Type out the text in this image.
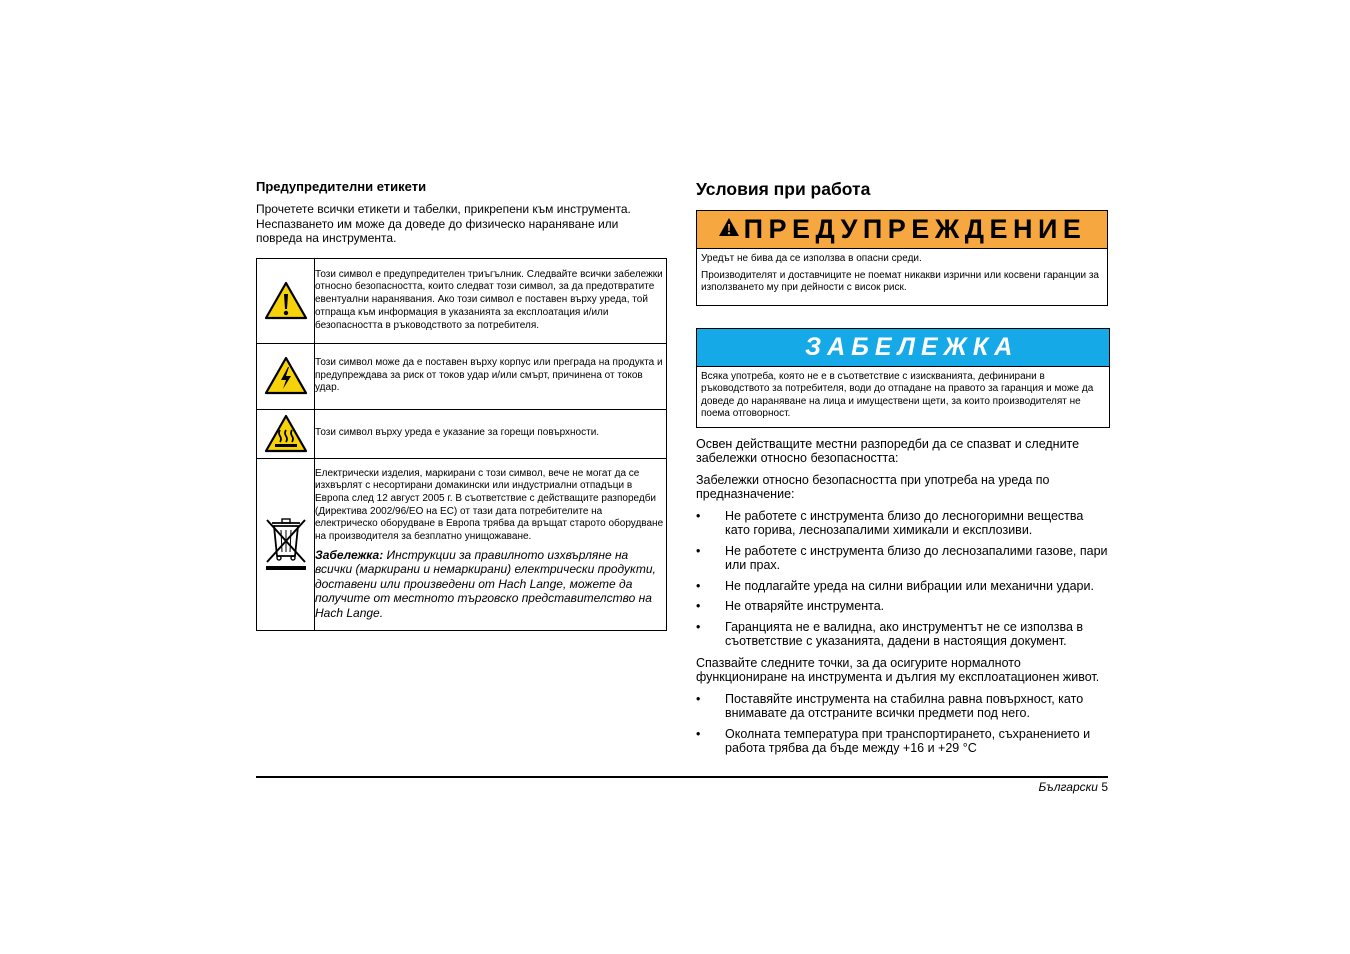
Предупредителни етикети

Прочетете всички етикети и табелки, прикрепени към инструмента. Неспазването им може да доведе до физическо нараняване или повреда на инструмента.

	Този символ е предупредителен триъгълник. Следвайте всички забележки относно безопасността, които следват този символ, за да предотвратите евентуални наранявания. Ако този символ е поставен върху уреда, той отпраща към информация в указанията за експлоатация и/или безопасността в ръководството за потребителя.

	Този символ може да е поставен върху корпус или преграда на продукта и предупреждава за риск от токов удар и/или смърт, причинена от токов удар.

	Този символ върху уреда е указание за горещи повърхности.

Електрически изделия, маркирани с този символ, вече не могат да се изхвърлят с несортирани домакински или индустриални отпадъци в Европа след 12 август 2005 г. В съответствие с действащите разпоредби (Директива 2002/96/EO на ЕС) от тази дата потребителите на електрическо оборудване в Европа трябва да връщат старото оборудване на производителя за безплатно унищожаване.
Забележка: Инструкции за правилното изхвърляне на всички (маркирани и немаркирани) електрически продукти, доставени или произведени от Hach Lange, можете да получите от местното търговско представителство на Hach Lange.
Условия при работа
ПРЕДУПРЕЖДЕНИЕ

Уредът не бива да се използва в опасни среди.

Производителят и доставчиците не поемат никакви изрични или косвени гаранции за използването му при дейности с висок риск.

ЗАБЕЛЕЖКА
Всяка употреба, която не е в съответствие с изискванията, дефинирани в ръководството за потребителя, води до отпадане на правото за гаранция и може да доведе до нараняване на лица и имуществени щети, за които производителят не поема отговорност.

Освен действащите местни разпоредби да се спазват и следните забележки относно безопасността:

Забележки относно безопасността при употреба на уреда по предназначение:

• Не работете с инструмента близо до лесногоримни вещества като горива, леснозапалими химикали и експлозиви.
• Не работете с инструмента близо до леснозапалими газове, пари или прах.
• Не подлагайте уреда на силни вибрации или механични удари.
• Не отваряйте инструмента.
• Гаранцията не е валидна, ако инструментът не се използва в съответствие с указанията, дадени в настоящия документ.

Спазвайте следните точки, за да осигурите нормалното функциониране на инструмента и дългия му експлоатационен живот.

• Поставяйте инструмента на стабилна равна повърхност, като внимавате да отстраните всички предмети под него.
• Околната температура при транспортирането, съхранението и работа трябва да бъде между +16 и +29 °C
Български 5
